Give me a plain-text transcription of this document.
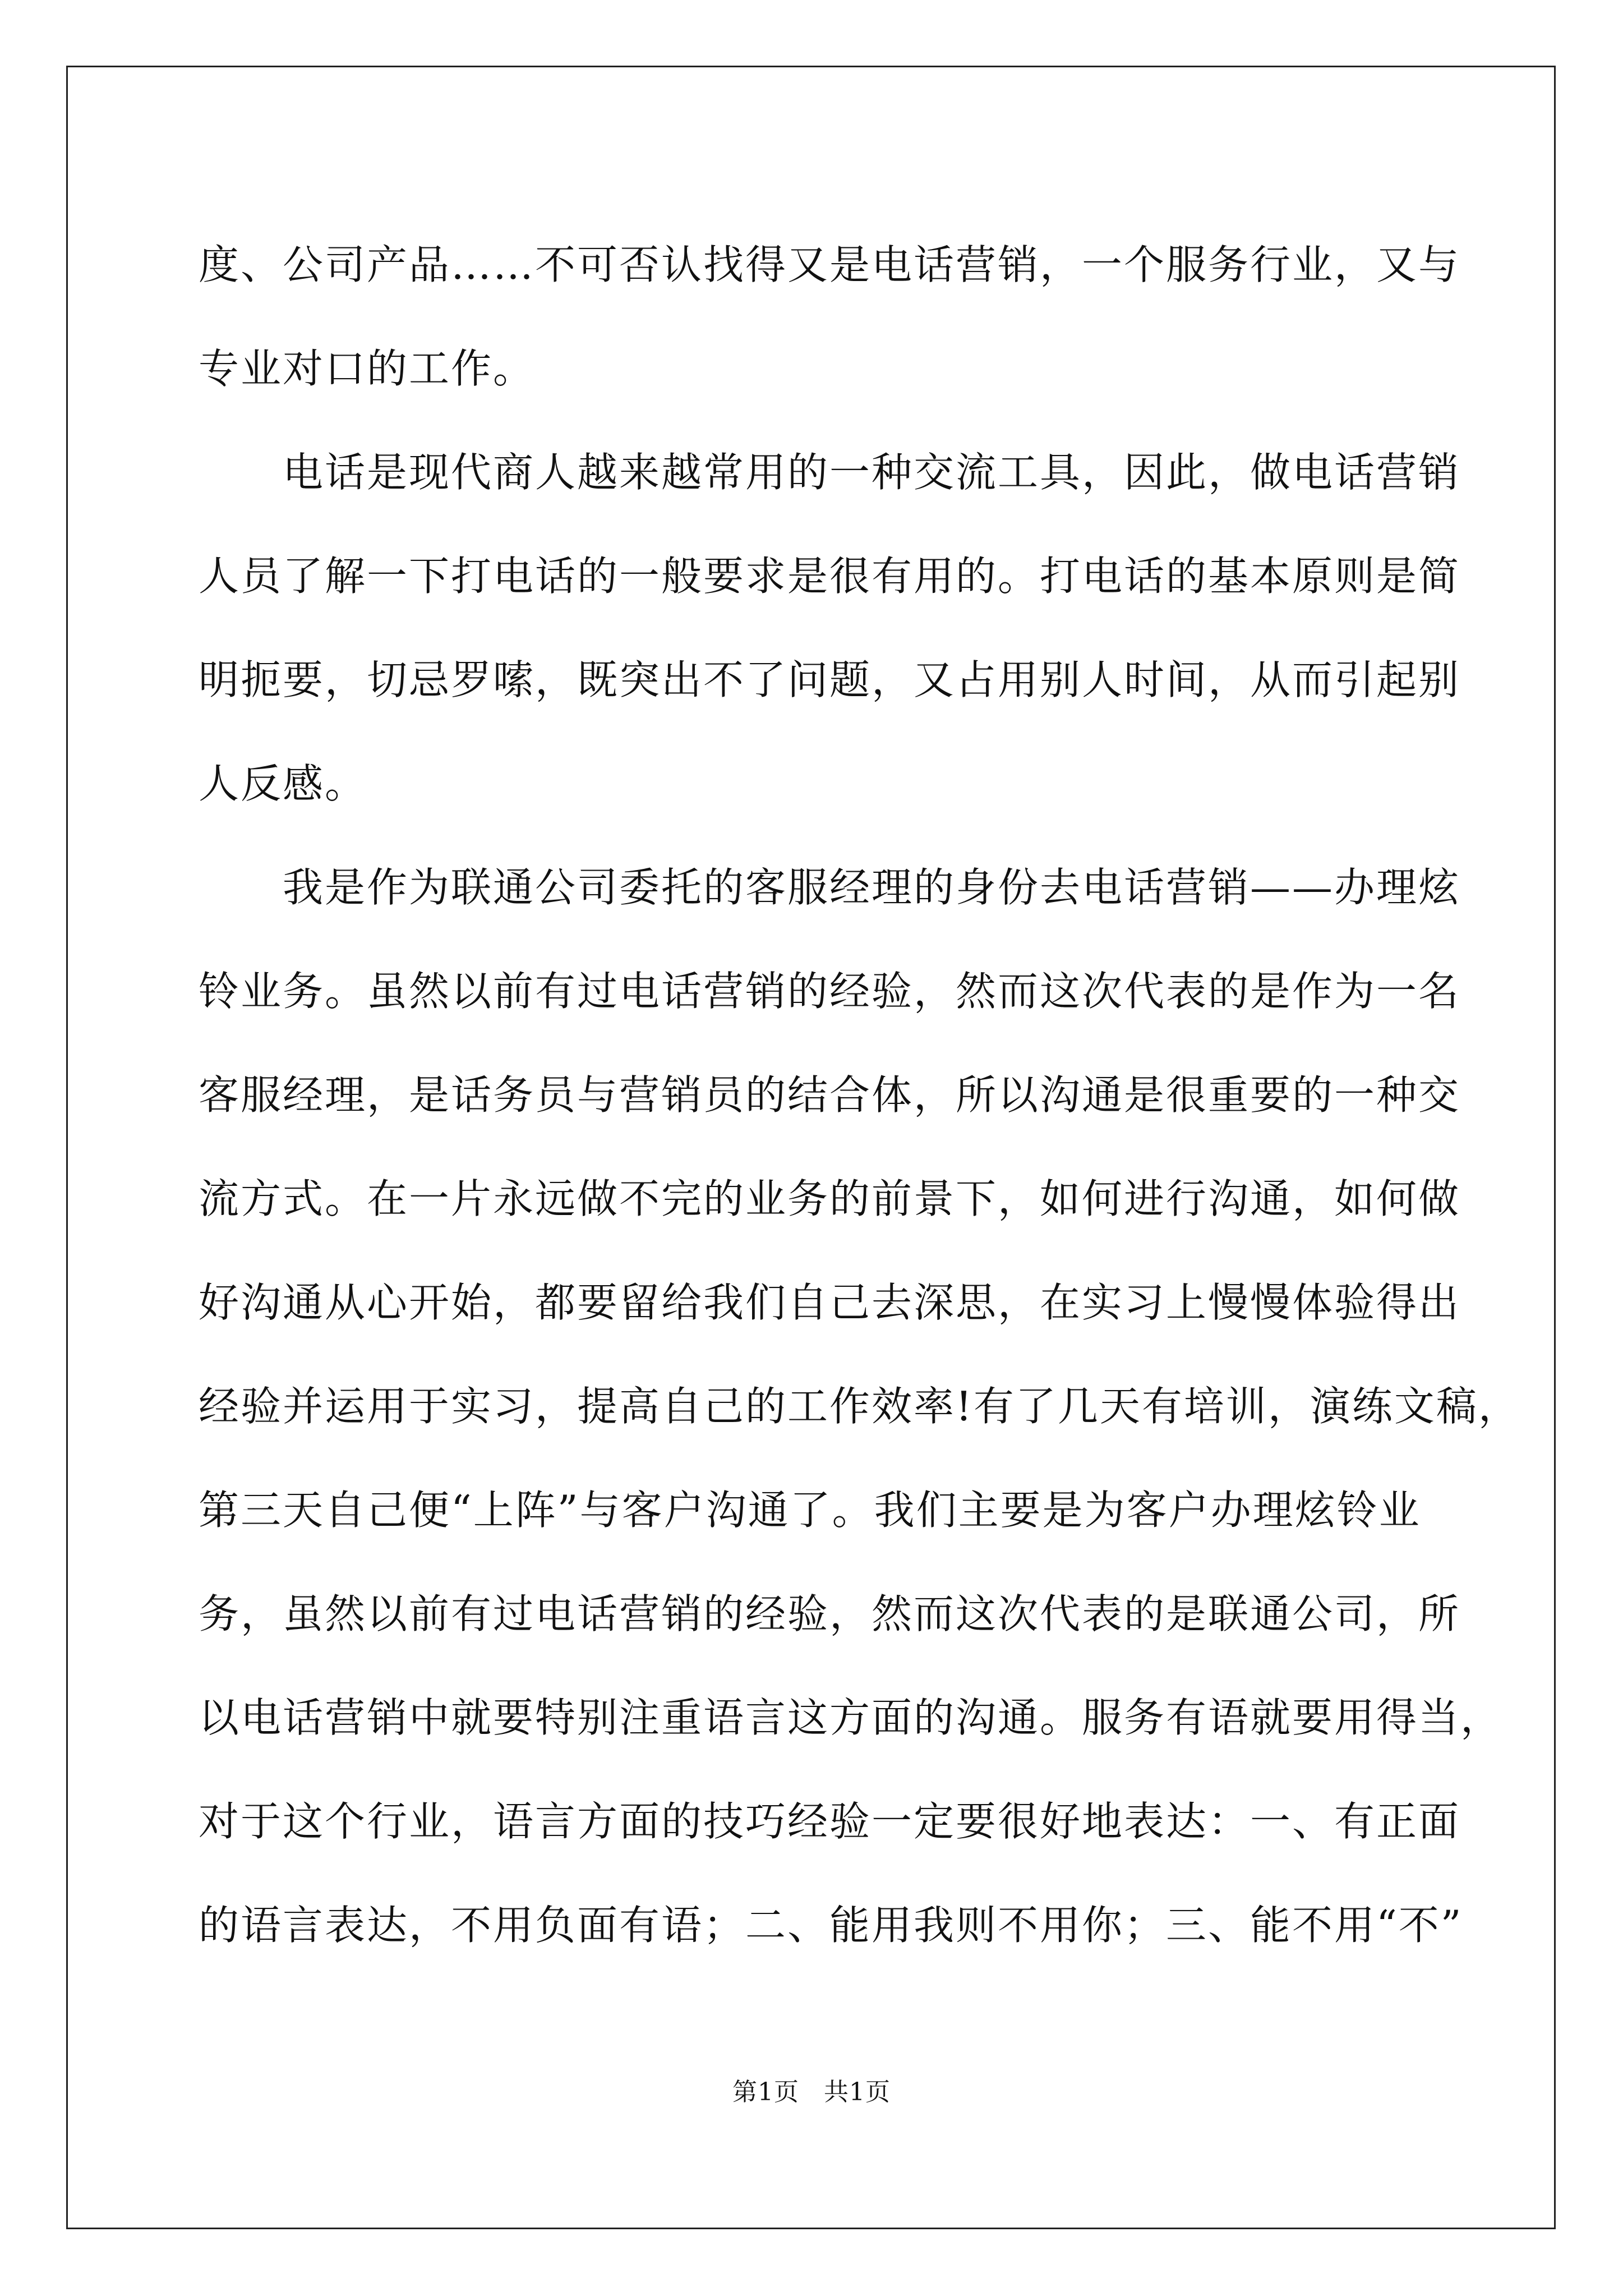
度、公司产品……不可否认找得又是电话营销，一个服务行业，又与
专业对口的工作。
电话是现代商人越来越常用的一种交流工具，因此，做电话营销
人员了解一下打电话的一般要求是很有用的。打电话的基本原则是简
明扼要，切忌罗嗦，既突出不了问题，又占用别人时间，从而引起别
人反感。
我是作为联通公司委托的客服经理的身份去电话营销——办理炫
铃业务。虽然以前有过电话营销的经验，然而这次代表的是作为一名
客服经理，是话务员与营销员的结合体，所以沟通是很重要的一种交
流方式。在一片永远做不完的业务的前景下，如何进行沟通，如何做
好沟通从心开始，都要留给我们自己去深思，在实习上慢慢体验得出
经验并运用于实习，提高自己的工作效率!有了几天有培训，演练文稿，
第三天自己便“上阵”与客户沟通了。我们主要是为客户办理炫铃业
务，虽然以前有过电话营销的经验，然而这次代表的是联通公司，所
以电话营销中就要特别注重语言这方面的沟通。服务有语就要用得当，
对于这个行业，语言方面的技巧经验一定要很好地表达：一、有正面
的语言表达，不用负面有语；二、能用我则不用你；三、能不用“不”
第1页 共1页
